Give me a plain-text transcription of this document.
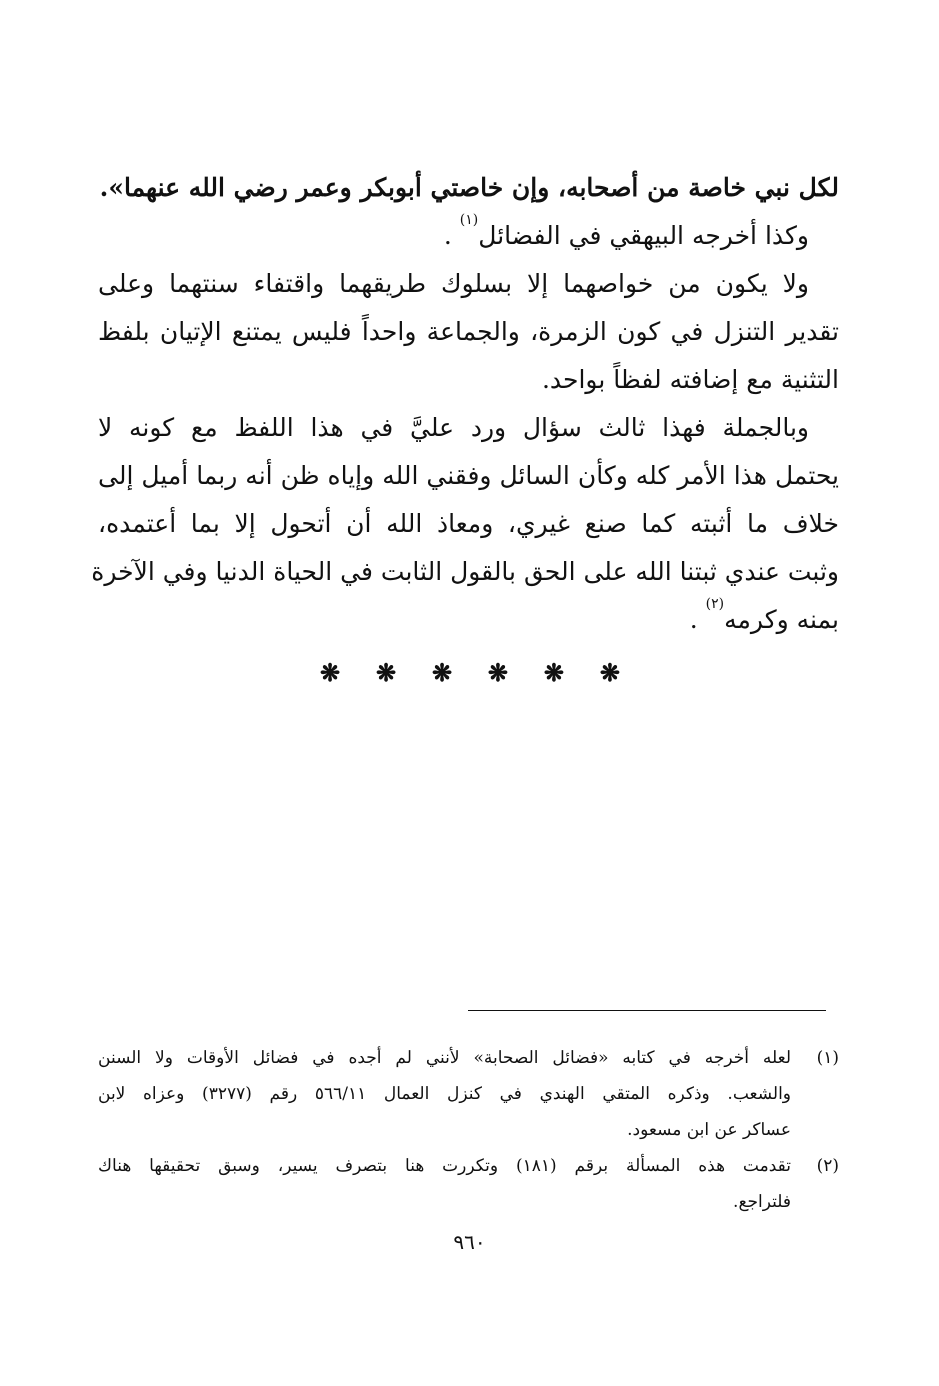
لكل نبي خاصة من أصحابه، وإن خاصتي أبوبكر وعمر رضي الله عنهما».
وكذا أخرجه البيهقي في الفضائل$^{(١)}$ .
ولا يكون من خواصهما إلا بسلوك طريقهما واقتفاء سنتهما وعلى
تقدير التنزل في كون الزمرة، والجماعة واحداً فليس يمتنع الإتيان بلفظ
التثنية مع إضافته لفظاً بواحد.
وبالجملة فهذا ثالث سؤال ورد عليَّ في هذا اللفظ مع كونه لا
يحتمل هذا الأمر كله وكأن السائل وفقني الله وإياه ظن أنه ربما أميل إلى
خلاف ما أثبته كما صنع غيري، ومعاذ الله أن أتحول إلا بما أعتمده،
وثبت عندي ثبتنا الله على الحق بالقول الثابت في الحياة الدنيا وفي الآخرة
بمنه وكرمه$^{(٢)}$ .
❋ ❋ ❋ ❋ ❋ ❋
(١)
لعله أخرجه في كتابه «فضائل الصحابة» لأنني لم أجده في فضائل الأوقات ولا السنن
والشعب. وذكره المتقي الهندي في كنزل العمال ٥٦٦/١١ رقم (٣٢٧٧) وعزاه لابن
عساكر عن ابن مسعود.
(٢)
تقدمت هذه المسألة برقم (١٨١) وتكررت هنا بتصرف يسير، وسبق تحقيقها هناك
فلتراجع.
٩٦٠
